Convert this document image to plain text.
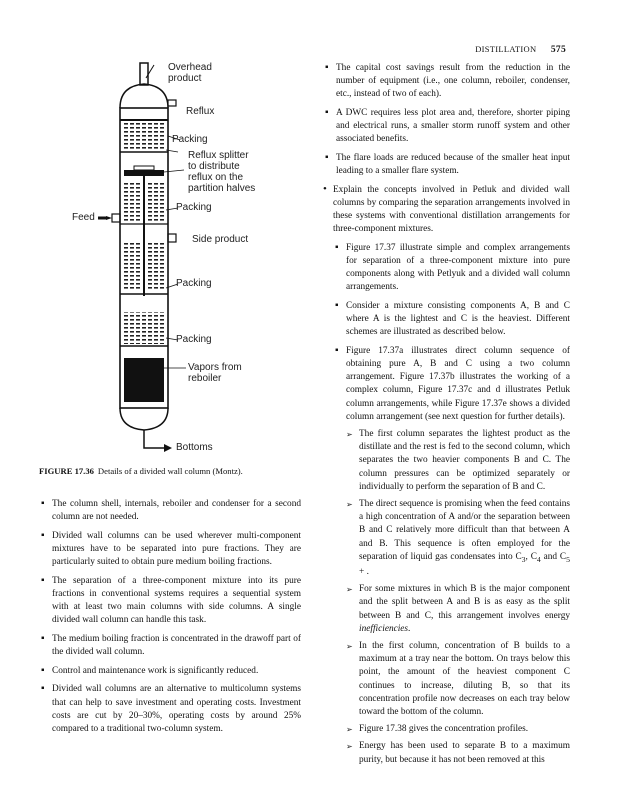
DISTILLATION 575
Overhead
product
Reflux
Packing
Reflux splitter
to distribute
reflux on the
partition halves
Packing
Feed
Side product
Packing
Packing
Vapors from
reboiler
Bottoms
FIGURE 17.36 Details of a divided wall column (Montz).
▪ The column shell, internals, reboiler and condenser for a second column are not needed.
▪ Divided wall columns can be used wherever multi-component mixtures have to be separated into pure fractions. They are particularly suited to obtain pure medium boiling fractions.
▪ The separation of a three-component mixture into its pure fractions in conventional systems requires a sequential system with at least two main columns with side columns. A single divided wall column can handle this task.
▪ The medium boiling fraction is concentrated in the drawoff part of the divided wall column.
▪ Control and maintenance work is significantly reduced.
▪ Divided wall columns are an alternative to multicolumn systems that can help to save investment and operating costs. Investment costs are cut by 20–30%, operating costs by around 25% compared to a traditional two-column system.
▪ The capital cost savings result from the reduction in the number of equipment (i.e., one column, reboiler, condenser, etc., instead of two of each).
▪ A DWC requires less plot area and, therefore, shorter piping and electrical runs, a smaller storm runoff system and other associated benefits.
▪ The flare loads are reduced because of the smaller heat input leading to a smaller flare system.
• Explain the concepts involved in Petluk and divided wall columns by comparing the separation arrangements involved in these systems with conventional distillation arrangements for three-component mixtures.
▪ Figure 17.37 illustrate simple and complex arrangements for separation of a three-component mixture into pure components along with Petlyuk and a divided wall column arrangements.
▪ Consider a mixture consisting components A, B and C where A is the lightest and C is the heaviest. Different schemes are illustrated as described below.
▪ Figure 17.37a illustrates direct column sequence of obtaining pure A, B and C using a two column arrangement. Figure 17.37b illustrates the working of a complex column, Figure 17.37c and d illustrates Petluk column arrangements, while Figure 17.37e shows a divided column arrangement (see next question for further details).
➢ The first column separates the lightest product as the distillate and the rest is fed to the second column, which separates the two heavier components B and C. The column pressures can be optimized separately or individually to perform the separation of B and C.
➢ The direct sequence is promising when the feed contains a high concentration of A and/or the separation between B and C relatively more difficult than that between A and B. This sequence is often employed for the separation of liquid gas condensates into $C_3$, $C_4$ and $C_5$ + .
➢ For some mixtures in which B is the major component and the split between A and B is as easy as the split between B and C, this arrangement involves energy inefficiencies.
➢ In the first column, concentration of B builds to a maximum at a tray near the bottom. On trays below this point, the amount of the heaviest component C continues to increase, diluting B, so that its concentration profile now decreases on each tray below toward the bottom of the column.
➢ Figure 17.38 gives the concentration profiles.
➢ Energy has been used to separate B to a maximum purity, but because it has not been removed at this
